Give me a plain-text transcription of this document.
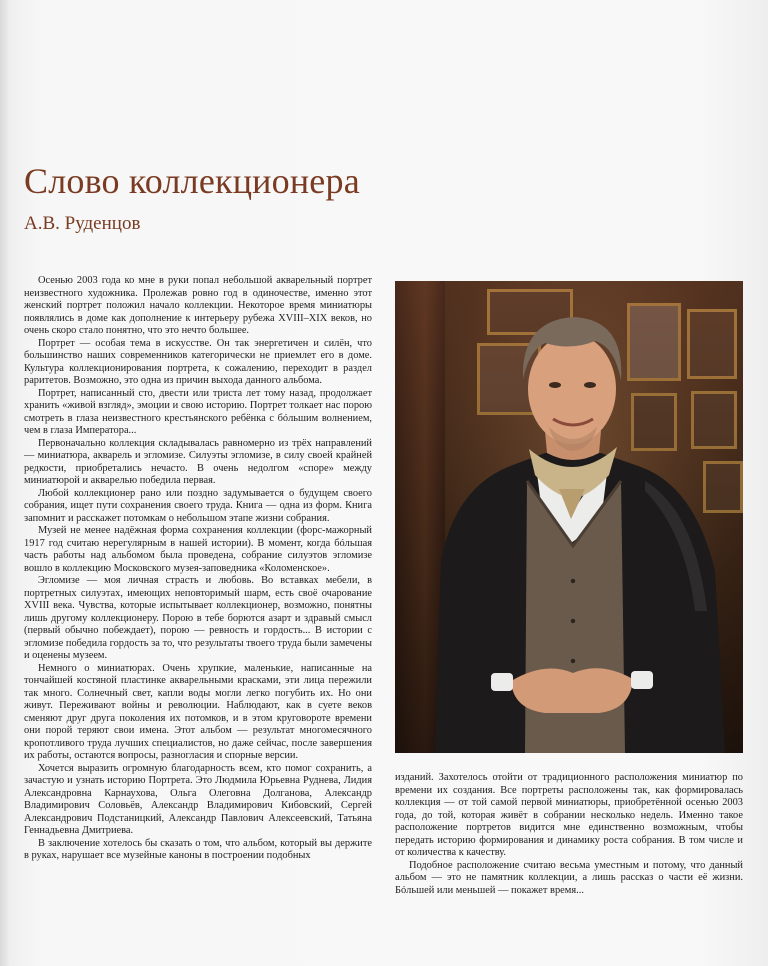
Слово коллекционера
А.В. Руденцов

Осенью 2003 года ко мне в руки попал небольшой акварельный портрет неизвестного художника. Пролежав ровно год в одиночестве, именно этот женский портрет положил начало коллекции. Некоторое время миниатюры появлялись в доме как дополнение к интерьеру рубежа XVIII–XIX веков, но очень скоро стало понятно, что это нечто большее.

Портрет — особая тема в искусстве. Он так энергетичен и силён, что большинство наших современников категорически не приемлет его в доме. Культура коллекционирования портрета, к сожалению, переходит в раздел раритетов. Возможно, это одна из причин выхода данного альбома.

Портрет, написанный сто, двести или триста лет тому назад, продолжает хранить «живой взгляд», эмоции и свою историю. Портрет толкает нас порою смотреть в глаза неизвестного крестьянского ребёнка с бóльшим волнением, чем в глаза Императора...

Первоначально коллекция складывалась равномерно из трёх направлений — миниатюра, акварель и эгломизе. Силуэты эгломизе, в силу своей крайней редкости, приобретались нечасто. В очень недолгом «споре» между миниатюрой и акварелью победила первая.

Любой коллекционер рано или поздно задумывается о будущем своего собрания, ищет пути сохранения своего труда. Книга — одна из форм. Книга запомнит и расскажет потомкам о небольшом этапе жизни собрания.

Музей не менее надёжная форма сохранения коллекции (форс-мажорный 1917 год считаю нерегулярным в нашей истории). В момент, когда бóльшая часть работы над альбомом была проведена, собрание силуэтов эгломизе вошло в коллекцию Московского музея-заповедника «Коломенское».

Эгломизе — моя личная страсть и любовь. Во вставках мебели, в портретных силуэтах, имеющих неповторимый шарм, есть своё очарование XVIII века. Чувства, которые испытывает коллекционер, возможно, понятны лишь другому коллекционеру. Порою в тебе борются азарт и здравый смысл (первый обычно побеждает), порою — ревность и гордость... В истории с эгломизе победила гордость за то, что результаты твоего труда были замечены и оценены музеем.

Немного о миниатюрах. Очень хрупкие, маленькие, написанные на тончайшей костяной пластинке акварельными красками, эти лица пережили так много. Солнечный свет, капли воды могли легко погубить их. Но они живут. Переживают войны и революции. Наблюдают, как в суете веков сменяют друг друга поколения их потомков, и в этом круговороте времени они порой теряют свои имена. Этот альбом — результат многомесячного кропотливого труда лучших специалистов, но даже сейчас, после завершения их работы, остаются вопросы, разногласия и спорные версии.

Хочется выразить огромную благодарность всем, кто помог сохранить, а зачастую и узнать историю Портрета. Это Людмила Юрьевна Руднева, Лидия Александровна Карнаухова, Ольга Олеговна Долганова, Александр Владимирович Соловьёв, Александр Владимирович Кибовский, Сергей Александрович Подстаницкий, Александр Павлович Алексеевский, Татьяна Геннадьевна Дмитриева.

В заключение хотелось бы сказать о том, что альбом, который вы держите в руках, нарушает все музейные каноны в построении подобных

изданий. Захотелось отойти от традиционного расположения миниатюр по времени их создания. Все портреты расположены так, как формировалась коллекция — от той самой первой миниатюры, приобретённой осенью 2003 года, до той, которая живёт в собрании несколько недель. Именно такое расположение портретов видится мне единственно возможным, чтобы передать историю формирования и динамику роста собрания. В том числе и от количества к качеству.

Подобное расположение считаю весьма уместным и потому, что данный альбом — это не памятник коллекции, а лишь рассказ о части её жизни. Бóльшей или меньшей — покажет время...
